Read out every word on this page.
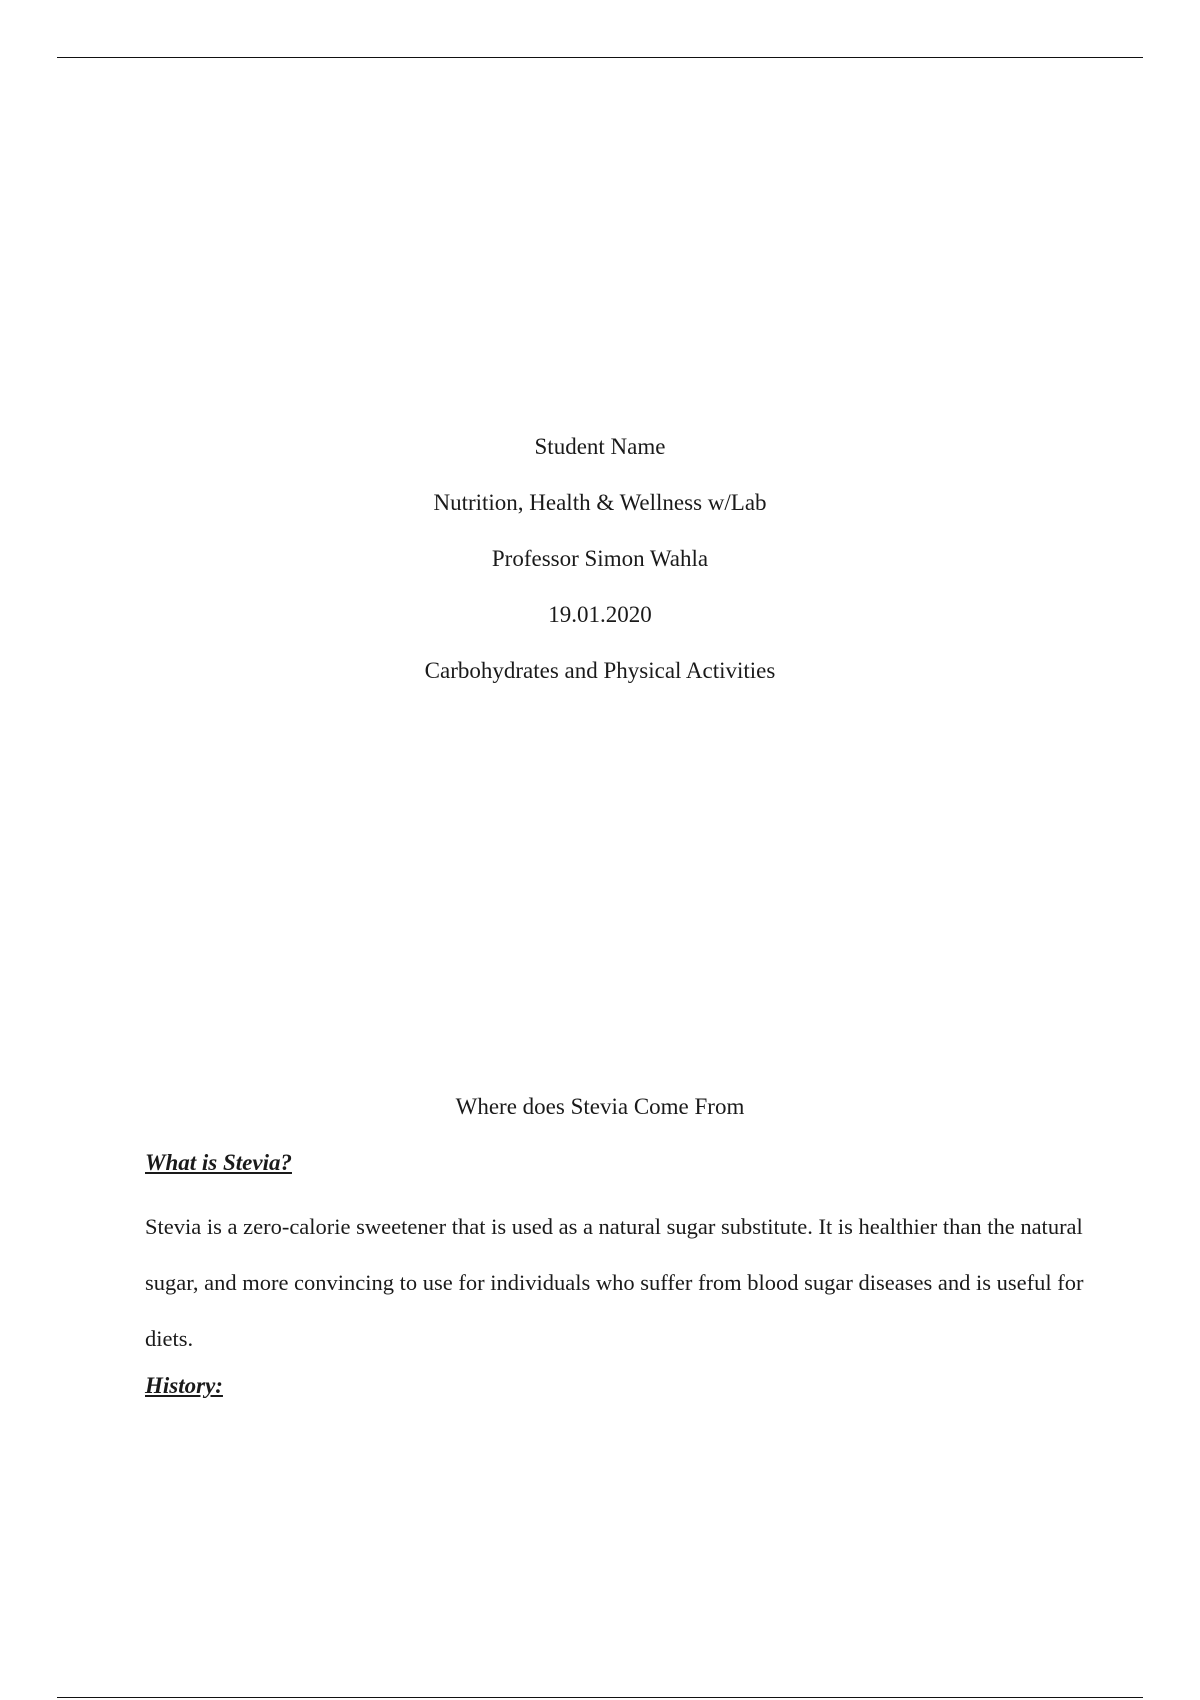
Student Name
Nutrition, Health & Wellness w/Lab
Professor Simon Wahla
19.01.2020
Carbohydrates and Physical Activities
Where does Stevia Come From
What is Stevia?

Stevia is a zero-calorie sweetener that is used as a natural sugar substitute. It is healthier than the natural sugar, and more convincing to use for individuals who suffer from blood sugar diseases and is useful for diets.

History:
